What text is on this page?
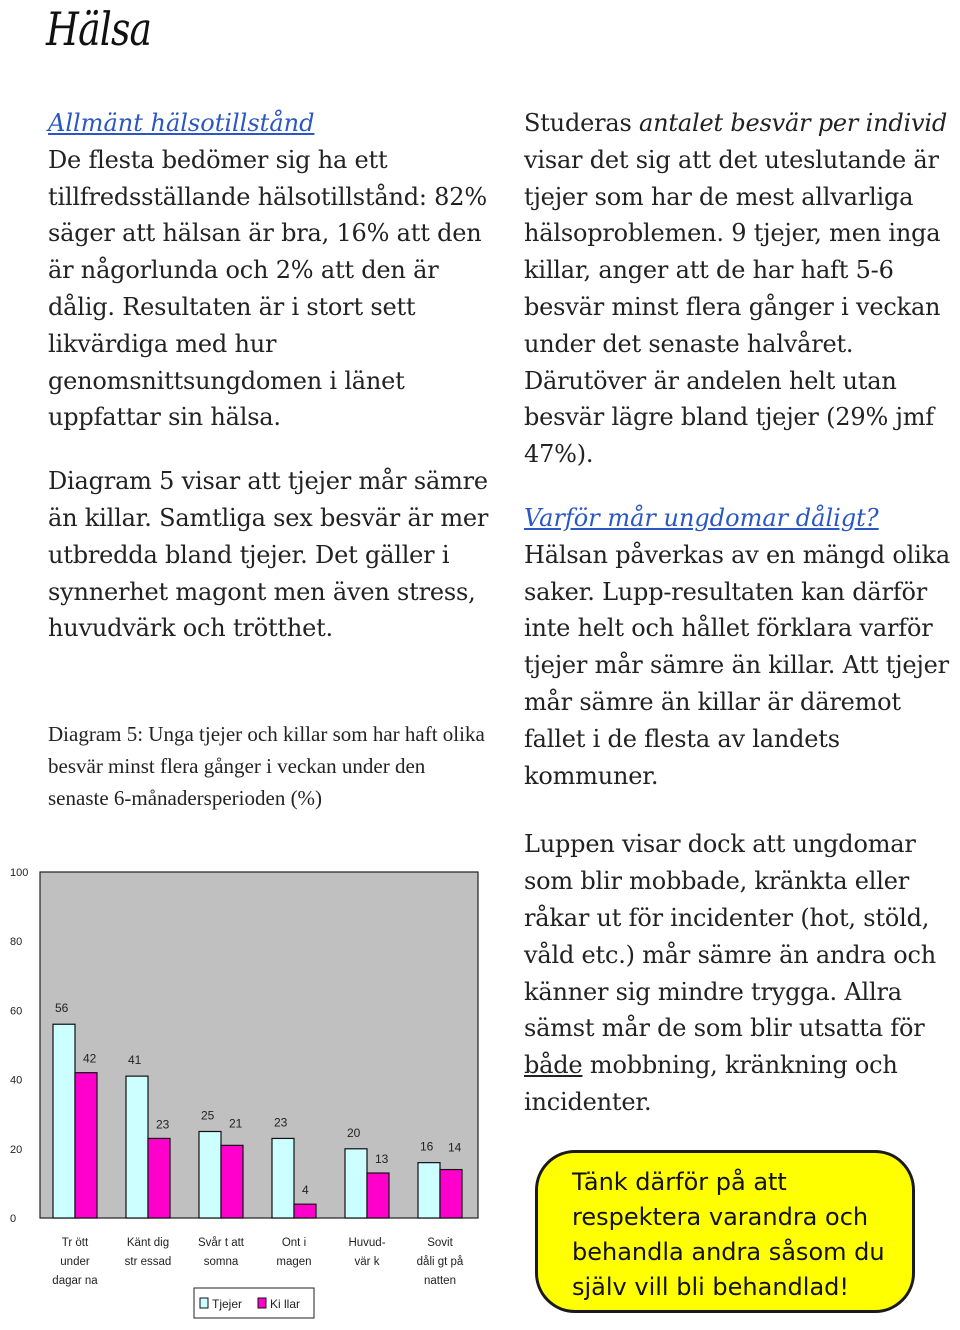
Hälsa
Allmänt hälsotillstånd

De flesta bedömer sig ha ett tillfredsställande hälsotillstånd: 82% säger att hälsan är bra, 16% att den är någorlunda och 2% att den är dålig. Resultaten är i stort sett likvärdiga med hur genomsnittsungdomen i länet uppfattar sin hälsa.

Diagram 5 visar att tjejer mår sämre än killar. Samtliga sex besvär är mer utbredda bland tjejer. Det gäller i synnerhet magont men även stress, huvudvärk och trötthet.

Diagram 5: Unga tjejer och killar som har haft olika besvär minst flera gånger i veckan under den senaste 6-månadersperioden (%)
0
20
40
60
80
100
56
42
Tr ött
under
dagar na
41
23
Känt dig
str essad
25
21
Svår t att
somna
23
4
Ont i
magen
20
13
Huvud-
vär k
16 14
Sovit
dåli gt på
natten
Tjejer Ki llar

Studeras antalet besvär per individ visar det sig att det uteslutande är tjejer som har de mest allvarliga hälsoproblemen. 9 tjejer, men inga killar, anger att de har haft 5-6 besvär minst flera gånger i veckan under det senaste halvåret. Därutöver är andelen helt utan besvär lägre bland tjejer (29% jmf 47%).

Varför mår ungdomar dåligt?

Hälsan påverkas av en mängd olika saker. Lupp-resultaten kan därför inte helt och hållet förklara varför tjejer mår sämre än killar. Att tjejer mår sämre än killar är däremot fallet i de flesta av landets kommuner.

Luppen visar dock att ungdomar som blir mobbade, kränkta eller råkar ut för incidenter (hot, stöld, våld etc.) mår sämre än andra och känner sig mindre trygga. Allra sämst mår de som blir utsatta för både mobbning, kränkning och incidenter.

Tänk därför på att respektera varandra och behandla andra såsom du själv vill bli behandlad!
